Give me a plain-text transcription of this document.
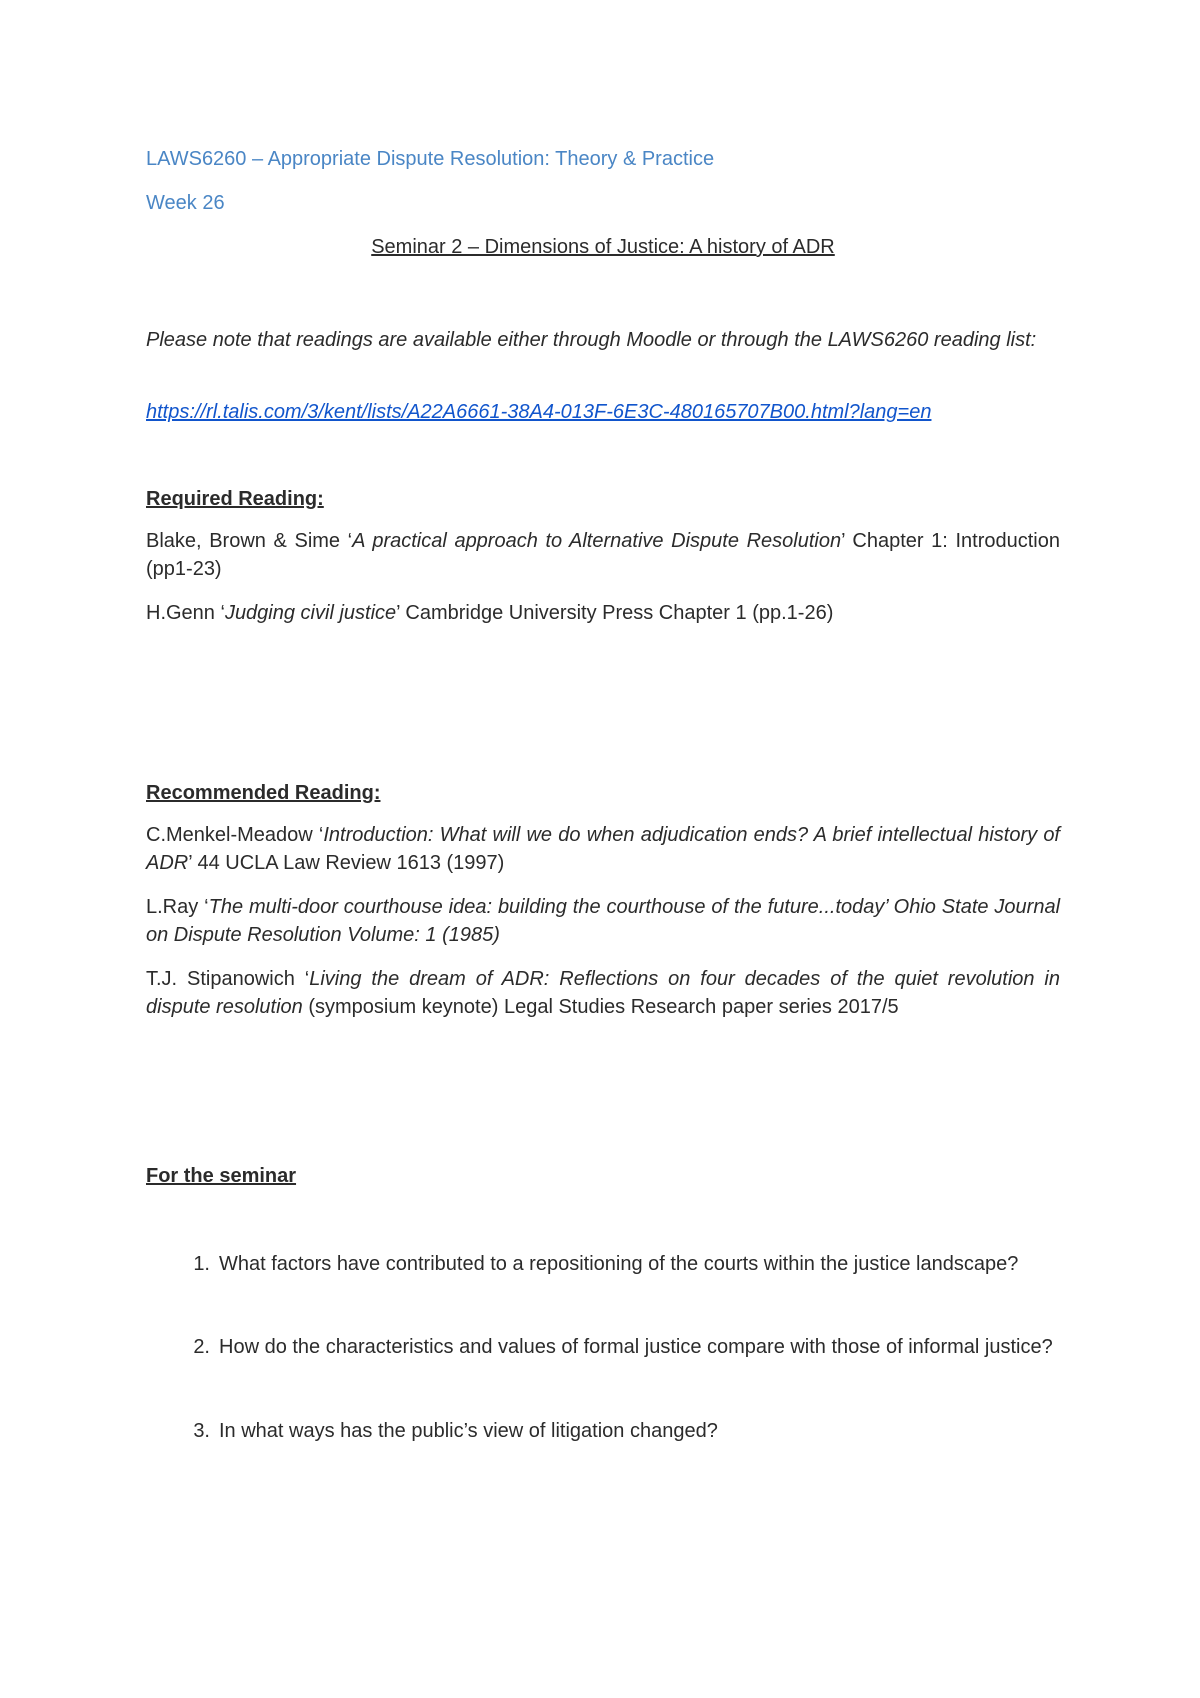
LAWS6260 – Appropriate Dispute Resolution: Theory & Practice
Week 26
Seminar 2 – Dimensions of Justice: A history of ADR
Please note that readings are available either through Moodle or through the LAWS6260 reading list:
https://rl.talis.com/3/kent/lists/A22A6661-38A4-013F-6E3C-480165707B00.html?lang=en
Required Reading:
Blake, Brown & Sime ‘A practical approach to Alternative Dispute Resolution’ Chapter 1: Introduction (pp1-23)
H.Genn ‘Judging civil justice’ Cambridge University Press Chapter 1 (pp.1-26)
Recommended Reading:
C.Menkel-Meadow ‘Introduction: What will we do when adjudication ends? A brief intellectual history of ADR’ 44 UCLA Law Review 1613 (1997)
L.Ray ‘The multi-door courthouse idea: building the courthouse of the future...today’ Ohio State Journal on Dispute Resolution Volume: 1 (1985)
T.J. Stipanowich ‘Living the dream of ADR: Reflections on four decades of the quiet revolution in dispute resolution (symposium keynote) Legal Studies Research paper series 2017/5
For the seminar
1. What factors have contributed to a repositioning of the courts within the justice landscape?
2. How do the characteristics and values of formal justice compare with those of informal justice?
3. In what ways has the public’s view of litigation changed?
